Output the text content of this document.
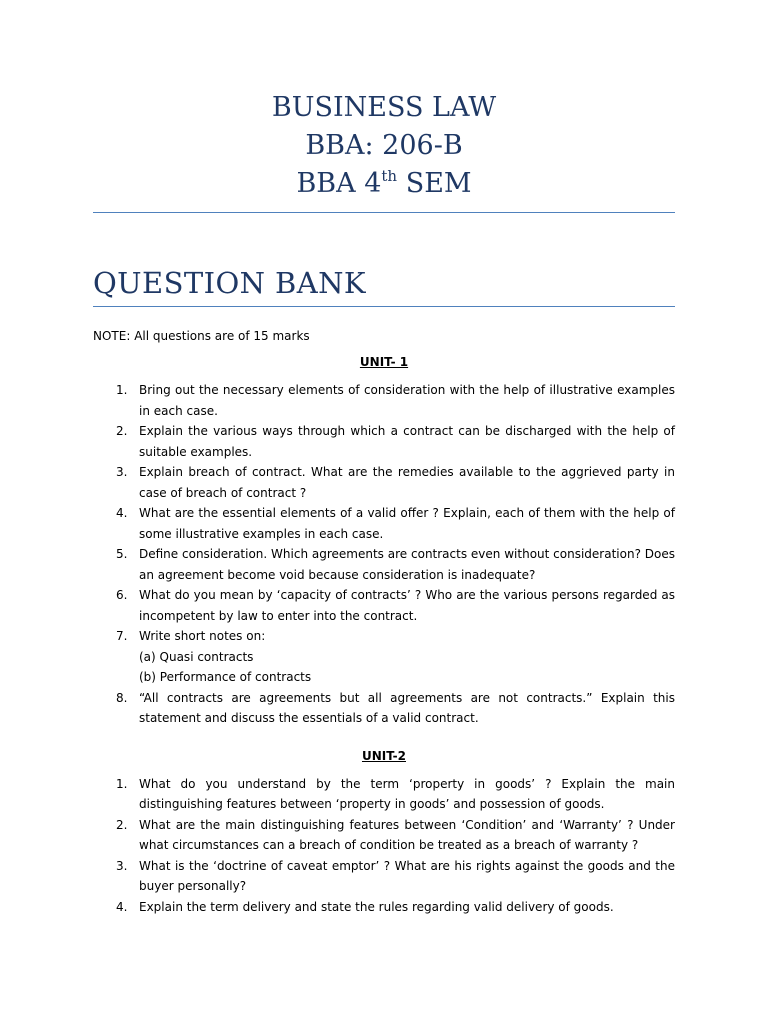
BUSINESS LAW
BBA: 206-B
BBA 4th SEM
QUESTION BANK
NOTE: All questions are of 15 marks
UNIT- 1
1. Bring out the necessary elements of consideration with the help of illustrative examples in each case.
2. Explain the various ways through which a contract can be discharged with the help of suitable examples.
3. Explain breach of contract. What are the remedies available to the aggrieved party in case of breach of contract ?
4. What are the essential elements of a valid offer ? Explain, each of them with the help of some illustrative examples in each case.
5. Define consideration. Which agreements are contracts even without consideration? Does an agreement become void because consideration is inadequate?
6. What do you mean by ‘capacity of contracts’ ? Who are the various persons regarded as incompetent by law to enter into the contract.
7. Write short notes on:
(a) Quasi contracts
(b) Performance of contracts
8. “All contracts are agreements but all agreements are not contracts.” Explain this statement and discuss the essentials of a valid contract.
UNIT-2
1. What do you understand by the term ‘property in goods’ ? Explain the main distinguishing features between ‘property in goods’ and possession of goods.
2. What are the main distinguishing features between ‘Condition’ and ‘Warranty’ ? Under what circumstances can a breach of condition be treated as a breach of warranty ?
3. What is the ‘doctrine of caveat emptor’ ? What are his rights against the goods and the buyer personally?
4. Explain the term delivery and state the rules regarding valid delivery of goods.
